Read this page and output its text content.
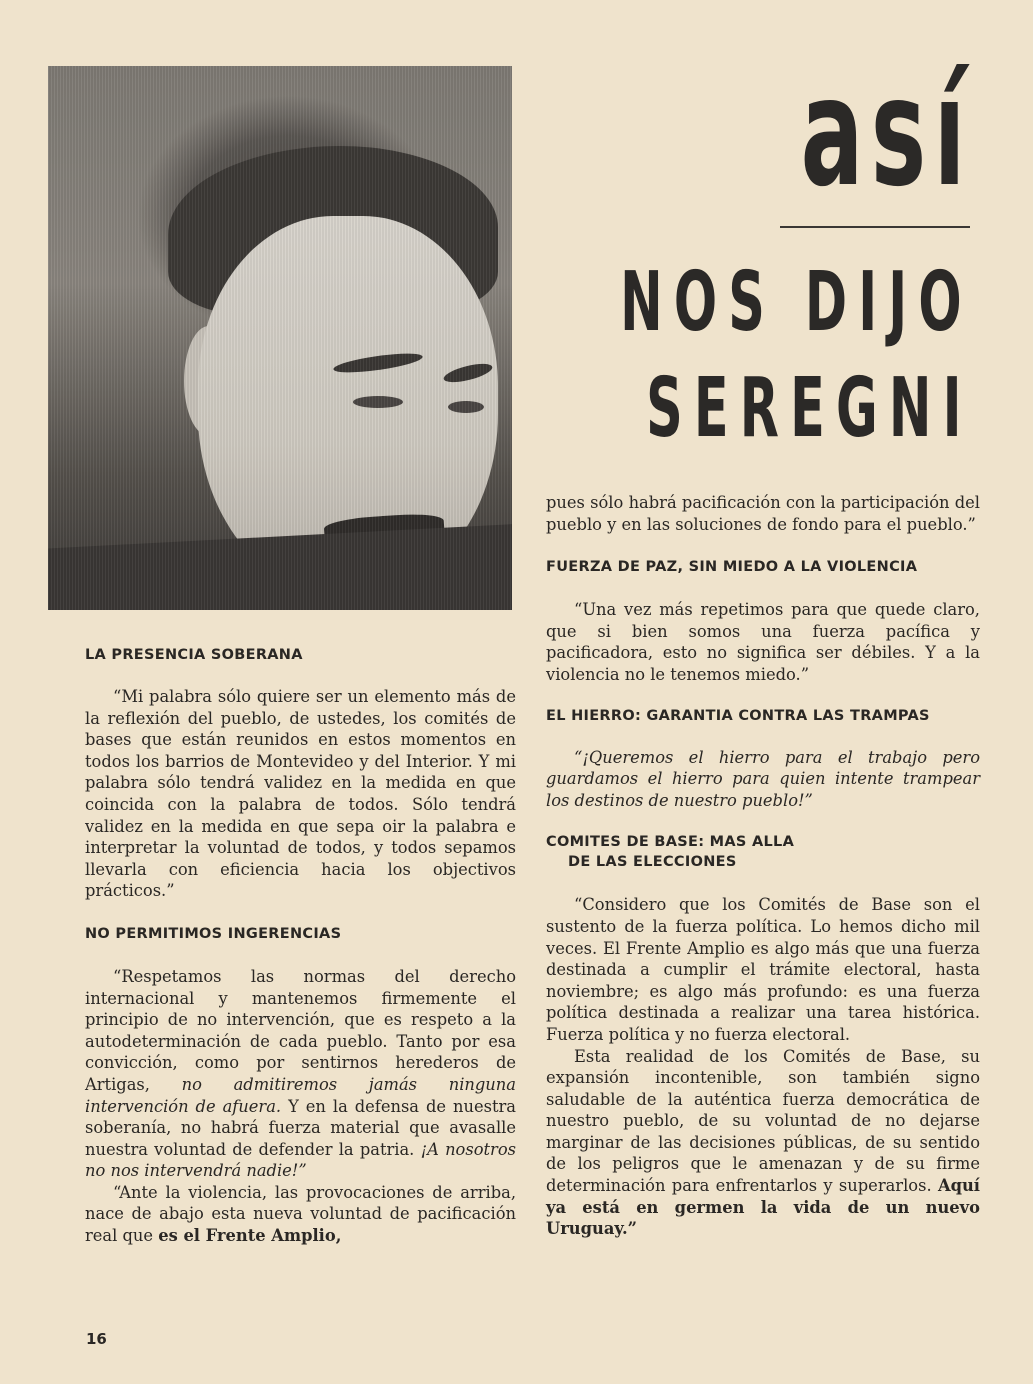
así
NOS DIJO
SEREGNI
LA PRESENCIA SOBERANA

“Mi palabra sólo quiere ser un elemento más de la reflexión del pueblo, de ustedes, los comités de bases que están reunidos en estos momentos en todos los barrios de Montevideo y del Interior. Y mi palabra sólo tendrá validez en la medida en que coincida con la palabra de todos. Sólo tendrá validez en la medida en que sepa oir la palabra e interpretar la voluntad de todos, y todos sepamos llevarla con eficiencia hacia los objectivos prácticos.”

NO PERMITIMOS INGERENCIAS

“Respetamos las normas del derecho internacional y mantenemos firmemente el principio de no intervención, que es respeto a la autodeterminación de cada pueblo. Tanto por esa convicción, como por sentirnos herederos de Artigas, no admitiremos jamás ninguna intervención de afuera. Y en la defensa de nuestra soberanía, no habrá fuerza material que avasalle nuestra voluntad de defender la patria. ¡A nosotros no nos intervendrá nadie!”

“Ante la violencia, las provocaciones de arriba, nace de abajo esta nueva voluntad de pacificación real que es el Frente Amplio,

pues sólo habrá pacificación con la participación del pueblo y en las soluciones de fondo para el pueblo.”

FUERZA DE PAZ, SIN MIEDO A LA VIOLENCIA

“Una vez más repetimos para que quede claro, que si bien somos una fuerza pacífica y pacificadora, esto no significa ser débiles. Y a la violencia no le tenemos miedo.”

EL HIERRO: GARANTIA CONTRA LAS TRAMPAS

“¡Queremos el hierro para el trabajo pero guardamos el hierro para quien intente trampear los destinos de nuestro pueblo!”

COMITES DE BASE: MAS ALLA
DE LAS ELECCIONES

“Considero que los Comités de Base son el sustento de la fuerza política. Lo hemos dicho mil veces. El Frente Amplio es algo más que una fuerza destinada a cumplir el trámite electoral, hasta noviembre; es algo más profundo: es una fuerza política destinada a realizar una tarea histórica. Fuerza política y no fuerza electoral.

Esta realidad de los Comités de Base, su expansión incontenible, son también signo saludable de la auténtica fuerza democrática de nuestro pueblo, de su voluntad de no dejarse marginar de las decisiones públicas, de su sentido de los peligros que le amenazan y de su firme determinación para enfrentarlos y superarlos. Aquí ya está en germen la vida de un nuevo Uruguay.”

16
